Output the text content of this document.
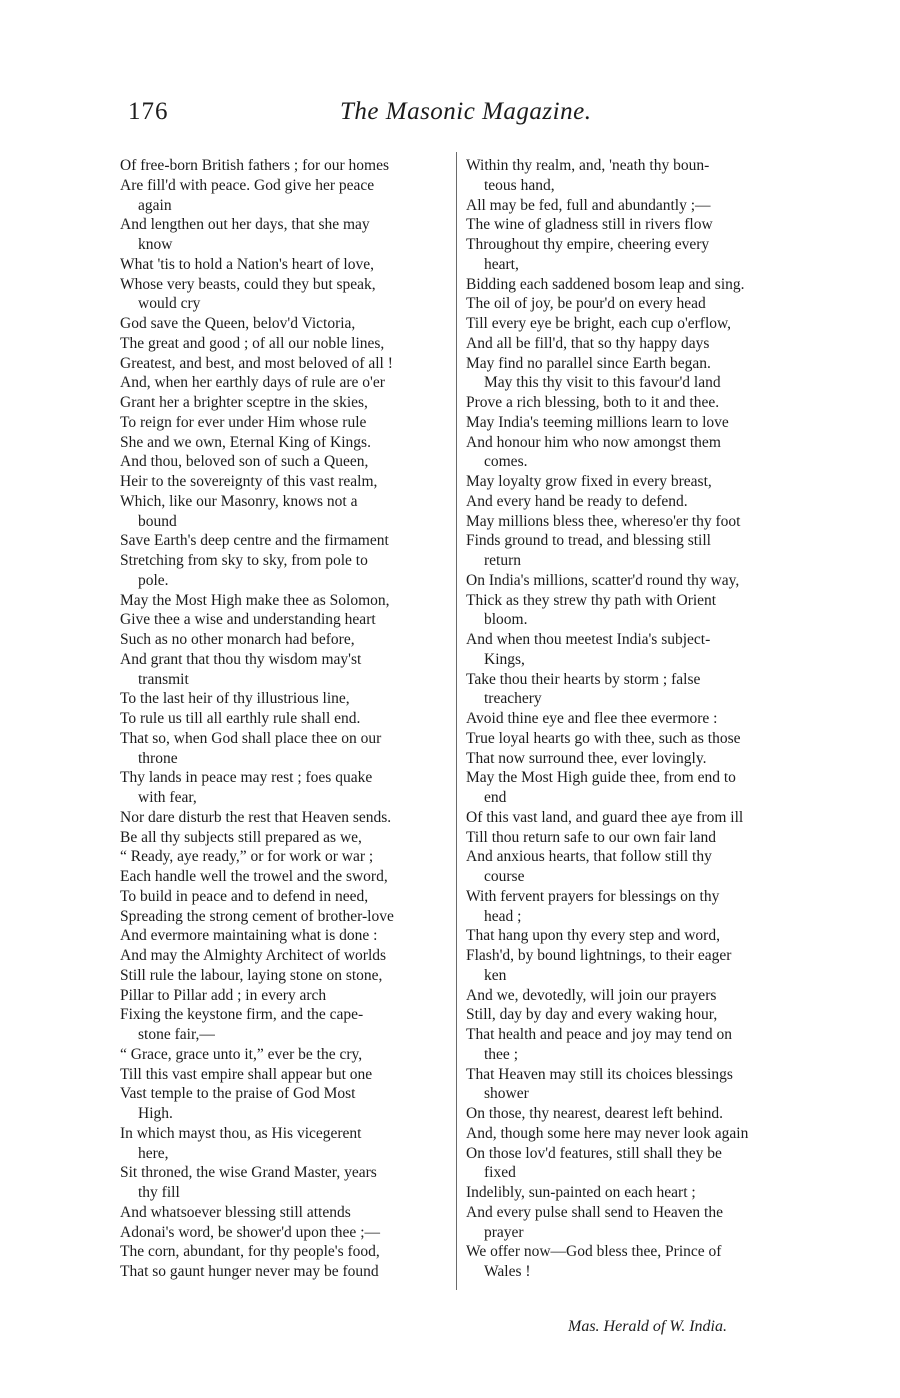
176	The Masonic Magazine.
Of free-born British fathers ; for our homes
Are fill'd with peace. God give her peace
again
And lengthen out her days, that she may
know
What 'tis to hold a Nation's heart of love,
Whose very beasts, could they but speak,
would cry
God save the Queen, belov'd Victoria,
The great and good ; of all our noble lines,
Greatest, and best, and most beloved of all !
And, when her earthly days of rule are o'er
Grant her a brighter sceptre in the skies,
To reign for ever under Him whose rule
She and we own, Eternal King of Kings.
And thou, beloved son of such a Queen,
Heir to the sovereignty of this vast realm,
Which, like our Masonry, knows not a
bound
Save Earth's deep centre and the firmament
Stretching from sky to sky, from pole to
pole.
May the Most High make thee as Solomon,
Give thee a wise and understanding heart
Such as no other monarch had before,
And grant that thou thy wisdom may'st
transmit
To the last heir of thy illustrious line,
To rule us till all earthly rule shall end.
That so, when God shall place thee on our
throne
Thy lands in peace may rest ; foes quake
with fear,
Nor dare disturb the rest that Heaven sends.
Be all thy subjects still prepared as we,
“ Ready, aye ready,” or for work or war ;
Each handle well the trowel and the sword,
To build in peace and to defend in need,
Spreading the strong cement of brother-love
And evermore maintaining what is done :
And may the Almighty Architect of worlds
Still rule the labour, laying stone on stone,
Pillar to Pillar add ; in every arch
Fixing the keystone firm, and the cape-
stone fair,—
“ Grace, grace unto it,” ever be the cry,
Till this vast empire shall appear but one
Vast temple to the praise of God Most
High.
In which mayst thou, as His vicegerent
here,
Sit throned, the wise Grand Master, years
thy fill
And whatsoever blessing still attends
Adonai's word, be shower'd upon thee ;—
The corn, abundant, for thy people's food,
That so gaunt hunger never may be found
Within thy realm, and, 'neath thy boun-
teous hand,
All may be fed, full and abundantly ;—
The wine of gladness still in rivers flow
Throughout thy empire, cheering every
heart,
Bidding each saddened bosom leap and sing.
The oil of joy, be pour'd on every head
Till every eye be bright, each cup o'erflow,
And all be fill'd, that so thy happy days
May find no parallel since Earth began.
May this thy visit to this favour'd land
Prove a rich blessing, both to it and thee.
May India's teeming millions learn to love
And honour him who now amongst them
comes.
May loyalty grow fixed in every breast,
And every hand be ready to defend.
May millions bless thee, whereso'er thy foot
Finds ground to tread, and blessing still
return
On India's millions, scatter'd round thy way,
Thick as they strew thy path with Orient
bloom.
And when thou meetest India's subject-
Kings,
Take thou their hearts by storm ; false
treachery
Avoid thine eye and flee thee evermore :
True loyal hearts go with thee, such as those
That now surround thee, ever lovingly.
May the Most High guide thee, from end to
end
Of this vast land, and guard thee aye from ill
Till thou return safe to our own fair land
And anxious hearts, that follow still thy
course
With fervent prayers for blessings on thy
head ;
That hang upon thy every step and word,
Flash'd, by bound lightnings, to their eager
ken
And we, devotedly, will join our prayers
Still, day by day and every waking hour,
That health and peace and joy may tend on
thee ;
That Heaven may still its choices blessings
shower
On those, thy nearest, dearest left behind.
And, though some here may never look again
On those lov'd features, still shall they be
fixed
Indelibly, sun-painted on each heart ;
And every pulse shall send to Heaven the
prayer
We offer now—God bless thee, Prince of
Wales !
Mas. Herald of W. India.
